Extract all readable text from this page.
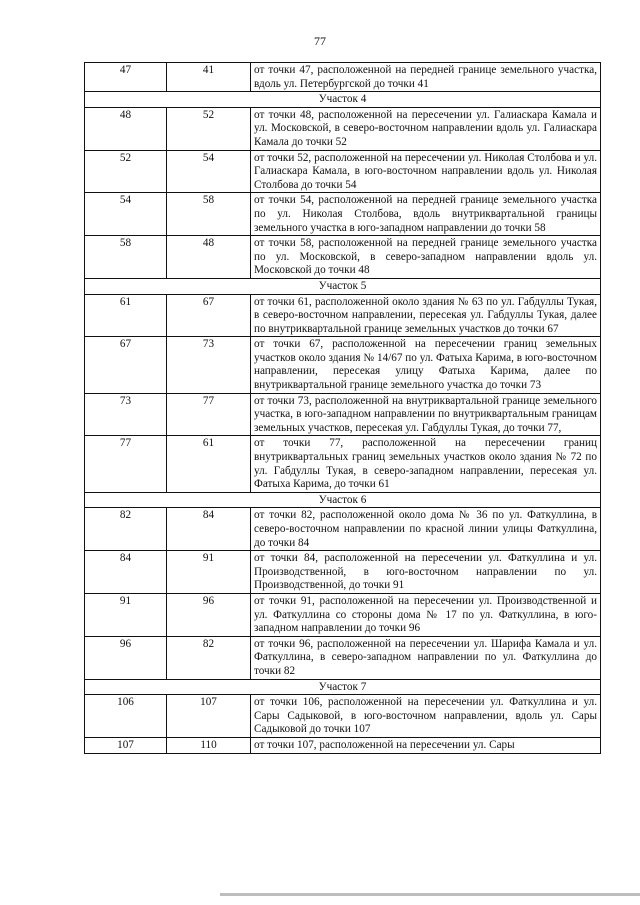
77
47	41	от точки 47, расположенной на передней границе земельного участка, вдоль ул. Петербургской до точки 41
Участок 4		
48	52	от точки 48, расположенной на пересечении ул. Галиаскара Камала и ул. Московской, в северо-восточном направлении вдоль ул. Галиаскара Камала до точки 52
52	54	от точки 52, расположенной на пересечении ул. Николая Столбова и ул. Галиаскара Камала, в юго-восточном направлении вдоль ул. Николая Столбова до точки 54
54	58	от точки 54, расположенной на передней границе земельного участка по ул. Николая Столбова, вдоль внутриквартальной границы земельного участка в юго-западном направлении до точки 58
58	48	от точки 58, расположенной на передней границе земельного участка по ул. Московской, в северо-западном направлении вдоль ул. Московской до точки 48
Участок 5		
61	67	от точки 61, расположенной около здания № 63 по ул. Габдуллы Тукая, в северо-восточном направлении, пересекая ул. Габдуллы Тукая, далее по внутриквартальной границе земельных участков до точки 67
67	73	от точки 67, расположенной на пересечении границ земельных участков около здания № 14/67 по ул. Фатыха Карима, в юго-восточном направлении, пересекая улицу Фатыха Карима, далее по внутриквартальной границе земельного участка до точки 73
73	77	от точки 73, расположенной на внутриквартальной границе земельного участка, в юго-западном направлении по внутриквартальным границам земельных участков, пересекая ул. Габдуллы Тукая, до точки 77,
77	61	от точки 77, расположенной на пересечении границ внутриквартальных границ земельных участков около здания № 72 по ул. Габдуллы Тукая, в северо-западном направлении, пересекая ул. Фатыха Карима, до точки 61
Участок 6		
82	84	от точки 82, расположенной около дома № 36 по ул. Фаткуллина, в северо-восточном направлении по красной линии улицы Фаткуллина, до точки 84
84	91	от точки 84, расположенной на пересечении ул. Фаткуллина и ул. Производственной, в юго-восточном направлении по ул. Производственной, до точки 91
91	96	от точки 91, расположенной на пересечении ул. Производственной и ул. Фаткуллина со стороны дома № 17 по ул. Фаткуллина, в юго-западном направлении до точки 96
96	82	от точки 96, расположенной на пересечении ул. Шарифа Камала и ул. Фаткуллина, в северо-западном направлении по ул. Фаткуллина до точки 82
Участок 7		
106	107	от точки 106, расположенной на пересечении ул. Фаткуллина и ул. Сары Садыковой, в юго-восточном направлении, вдоль ул. Сары Садыковой до точки 107
107	110	от точки 107, расположенной на пересечении ул. Сары
